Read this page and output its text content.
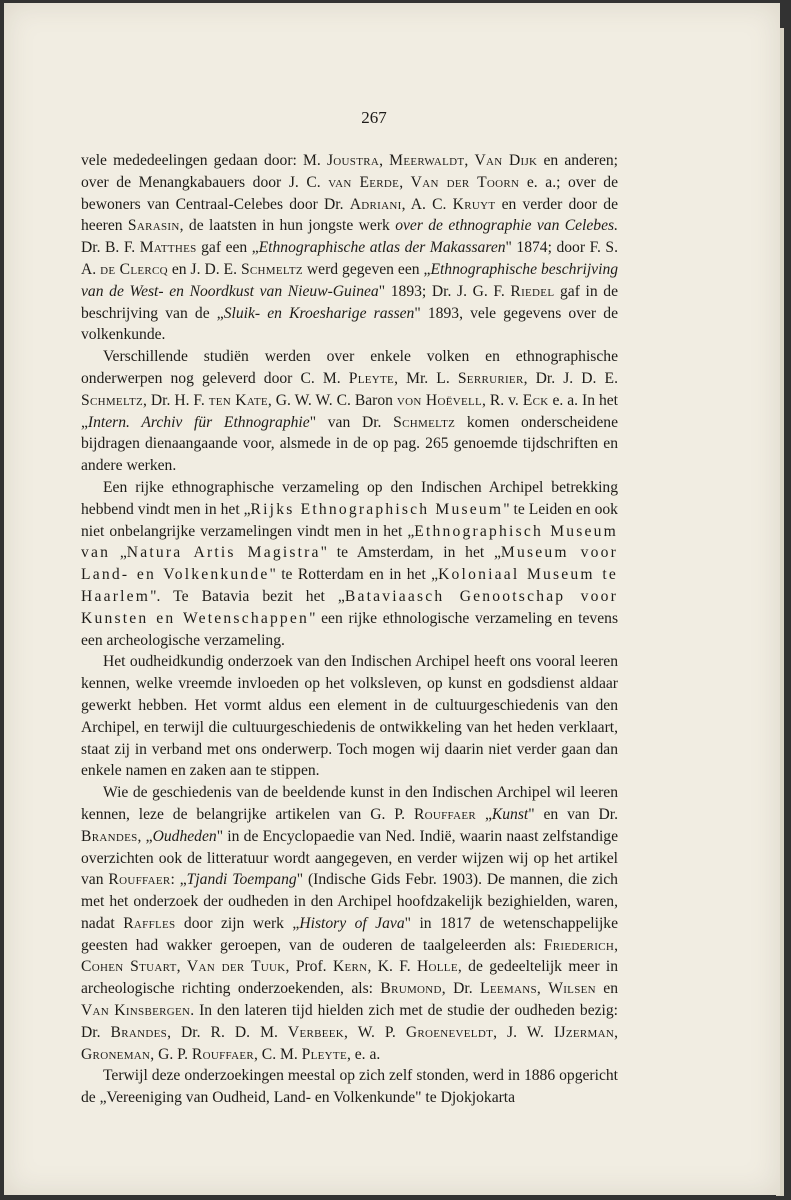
267

vele mededeelingen gedaan door: M. Joustra, Meerwaldt, Van Dijk en anderen; over de Menangkabauers door J. C. van Eerde, Van der Toorn e. a.; over de bewoners van Centraal-Celebes door Dr. Adriani, A. C. Kruyt en verder door de heeren Sarasin, de laatsten in hun jongste werk over de ethnographie van Celebes. Dr. B. F. Matthes gaf een „Ethnographische atlas der Makassaren" 1874; door F. S. A. de Clercq en J. D. E. Schmeltz werd gegeven een „Ethnographische beschrijving van de West- en Noordkust van Nieuw-Guinea" 1893; Dr. J. G. F. Riedel gaf in de beschrijving van de „Sluik- en Kroesharige rassen" 1893, vele gegevens over de volkenkunde.

Verschillende studiën werden over enkele volken en ethnographische onderwerpen nog geleverd door C. M. Pleyte, Mr. L. Serrurier, Dr. J. D. E. Schmeltz, Dr. H. F. ten Kate, G. W. W. C. Baron von Hoëvell, R. v. Eck e. a. In het „Intern. Archiv für Ethnographie" van Dr. Schmeltz komen onderscheidene bijdragen dienaangaande voor, alsmede in de op pag. 265 genoemde tijdschriften en andere werken.

Een rijke ethnographische verzameling op den Indischen Archipel betrekking hebbend vindt men in het „Rijks Ethnographisch Museum" te Leiden en ook niet onbelangrijke verzamelingen vindt men in het „Ethnographisch Museum van „Natura Artis Magistra" te Amsterdam, in het „Museum voor Land- en Volkenkunde" te Rotterdam en in het „Koloniaal Museum te Haarlem". Te Batavia bezit het „Bataviaasch Genootschap voor Kunsten en Wetenschappen" een rijke ethnologische verzameling en tevens een archeologische verzameling.

Het oudheidkundig onderzoek van den Indischen Archipel heeft ons vooral leeren kennen, welke vreemde invloeden op het volksleven, op kunst en godsdienst aldaar gewerkt hebben. Het vormt aldus een element in de cultuurgeschiedenis van den Archipel, en terwijl die cultuurgeschiedenis de ontwikkeling van het heden verklaart, staat zij in verband met ons onderwerp. Toch mogen wij daarin niet verder gaan dan enkele namen en zaken aan te stippen.

Wie de geschiedenis van de beeldende kunst in den Indischen Archipel wil leeren kennen, leze de belangrijke artikelen van G. P. Rouffaer „Kunst" en van Dr. Brandes, „Oudheden" in de Encyclopaedie van Ned. Indië, waarin naast zelfstandige overzichten ook de litteratuur wordt aangegeven, en verder wijzen wij op het artikel van Rouffaer: „Tjandi Toempang" (Indische Gids Febr. 1903). De mannen, die zich met het onderzoek der oudheden in den Archipel hoofdzakelijk bezighielden, waren, nadat Raffles door zijn werk „History of Java" in 1817 de wetenschappelijke geesten had wakker geroepen, van de ouderen de taalgeleerden als: Friederich, Cohen Stuart, Van der Tuuk, Prof. Kern, K. F. Holle, de gedeeltelijk meer in archeologische richting onderzoekenden, als: Brumond, Dr. Leemans, Wilsen en Van Kinsbergen. In den lateren tijd hielden zich met de studie der oudheden bezig: Dr. Brandes, Dr. R. D. M. Verbeek, W. P. Groeneveldt, J. W. IJzerman, Groneman, G. P. Rouffaer, C. M. Pleyte, e. a.

Terwijl deze onderzoekingen meestal op zich zelf stonden, werd in 1886 opgericht de „Vereeniging van Oudheid, Land- en Volkenkunde" te Djokjokarta
